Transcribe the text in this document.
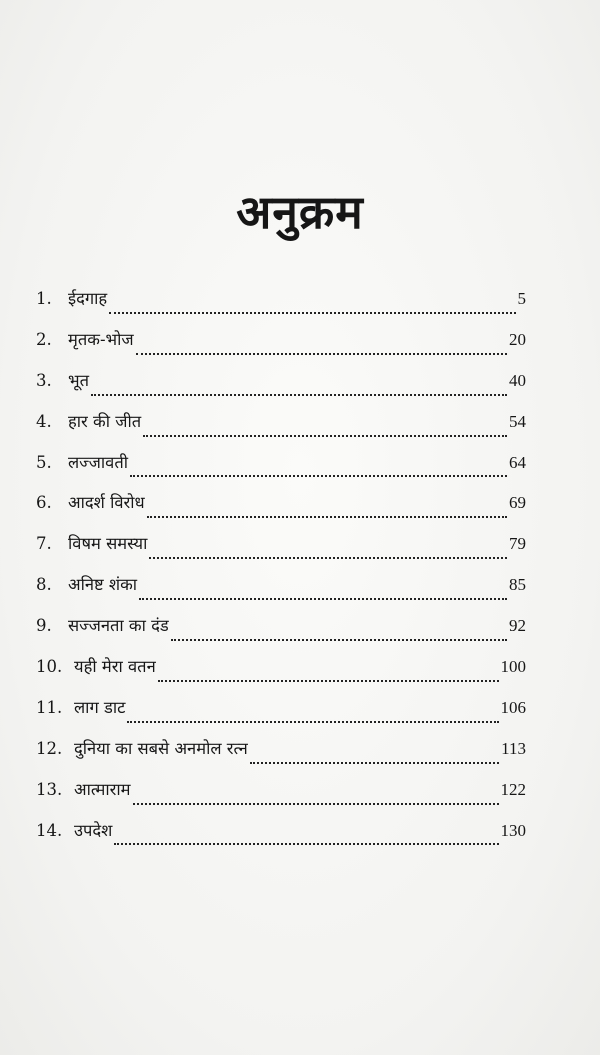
अनुक्रम
1. ईदगाह	5
2. मृतक-भोज	20
3. भूत	40
4. हार की जीत	54
5. लज्जावती	64
6. आदर्श विरोध	69
7. विषम समस्या	79
8. अनिष्ट शंका	85
9. सज्जनता का दंड	92
10. यही मेरा वतन	100
11. लाग डाट	106
12. दुनिया का सबसे अनमोल रत्न	113
13. आत्माराम	122
14. उपदेश	130
